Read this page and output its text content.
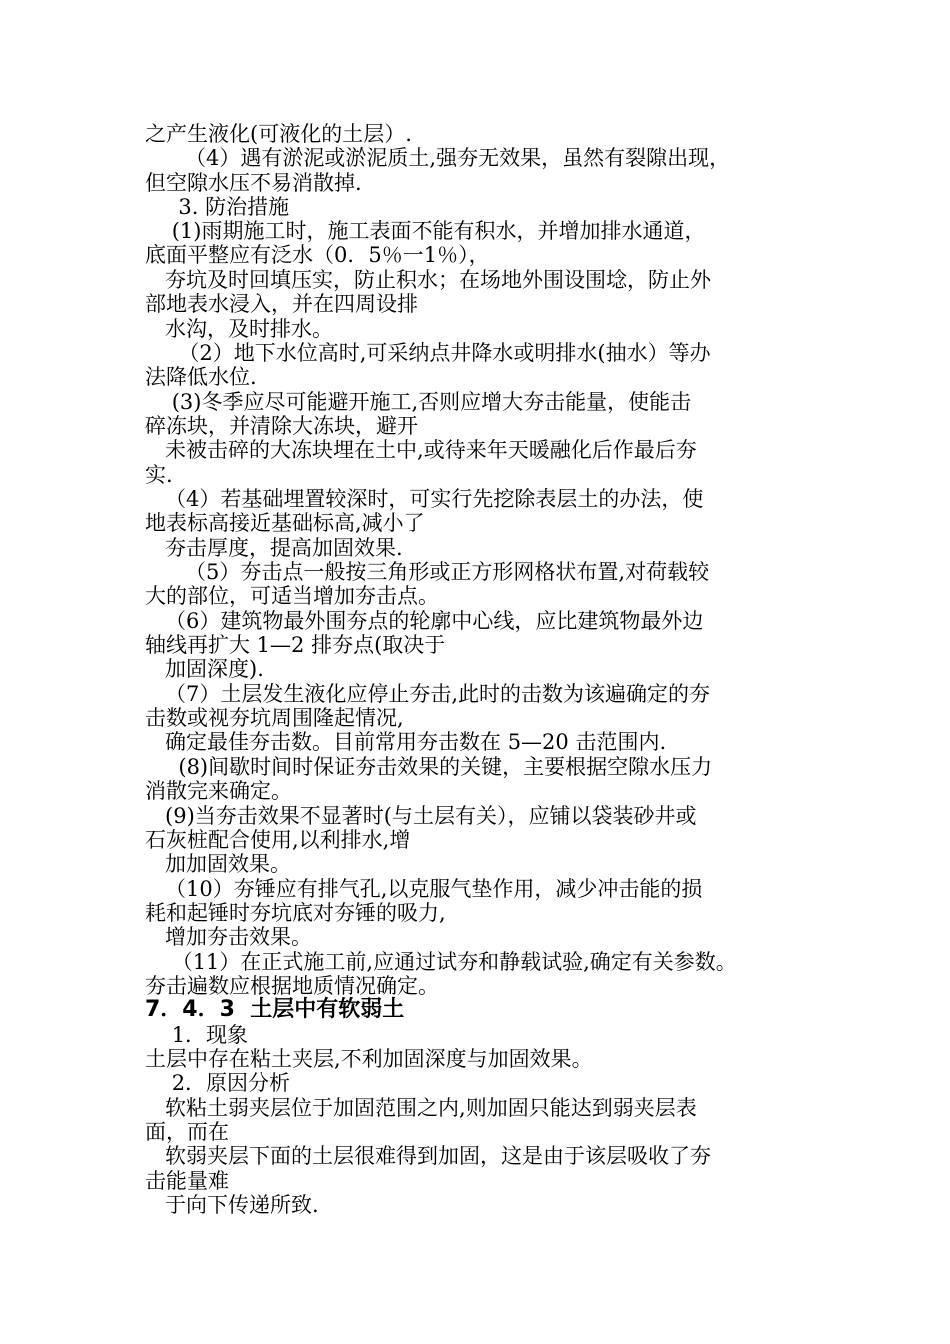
之产生液化(可液化的土层）.
（4）遇有淤泥或淤泥质土,强夯无效果，虽然有裂隙出现，
但空隙水压不易消散掉.
3. 防治措施
(1)雨期施工时，施工表面不能有积水，并增加排水通道，
底面平整应有泛水（0．5％一1％），
夯坑及时回填压实，防止积水；在场地外围设围埝，防止外
部地表水浸入，并在四周设排
水沟，及时排水。
（2）地下水位高时,可采纳点井降水或明排水(抽水）等办
法降低水位.
(3)冬季应尽可能避开施工,否则应增大夯击能量，使能击
碎冻块，并清除大冻块，避开
未被击碎的大冻块埋在土中,或待来年天暖融化后作最后夯
实.
（4）若基础埋置较深时，可实行先挖除表层土的办法，使
地表标高接近基础标高,减小了
夯击厚度，提高加固效果.
（5）夯击点一般按三角形或正方形网格状布置,对荷载较
大的部位，可适当增加夯击点。
（6）建筑物最外围夯点的轮廓中心线，应比建筑物最外边
轴线再扩大 1—2 排夯点(取决于
加固深度).
（7）土层发生液化应停止夯击,此时的击数为该遍确定的夯
击数或视夯坑周围隆起情况,
确定最佳夯击数。目前常用夯击数在 5—20 击范围内.
(8)间歇时间时保证夯击效果的关键，主要根据空隙水压力
消散完来确定。
(9)当夯击效果不显著时(与土层有关），应铺以袋装砂井或
石灰桩配合使用,以利排水,增
加加固效果。
（10）夯锤应有排气孔,以克服气垫作用，减少冲击能的损
耗和起锤时夯坑底对夯锤的吸力,
增加夯击效果。
（11）在正式施工前,应通过试夯和静载试验,确定有关参数。
夯击遍数应根据地质情况确定。
7．4．3  土层中有软弱土
1．现象
土层中存在粘土夹层,不利加固深度与加固效果。
2．原因分析
软粘土弱夹层位于加固范围之内,则加固只能达到弱夹层表
面，而在
软弱夹层下面的土层很难得到加固，这是由于该层吸收了夯
击能量难
于向下传递所致.
